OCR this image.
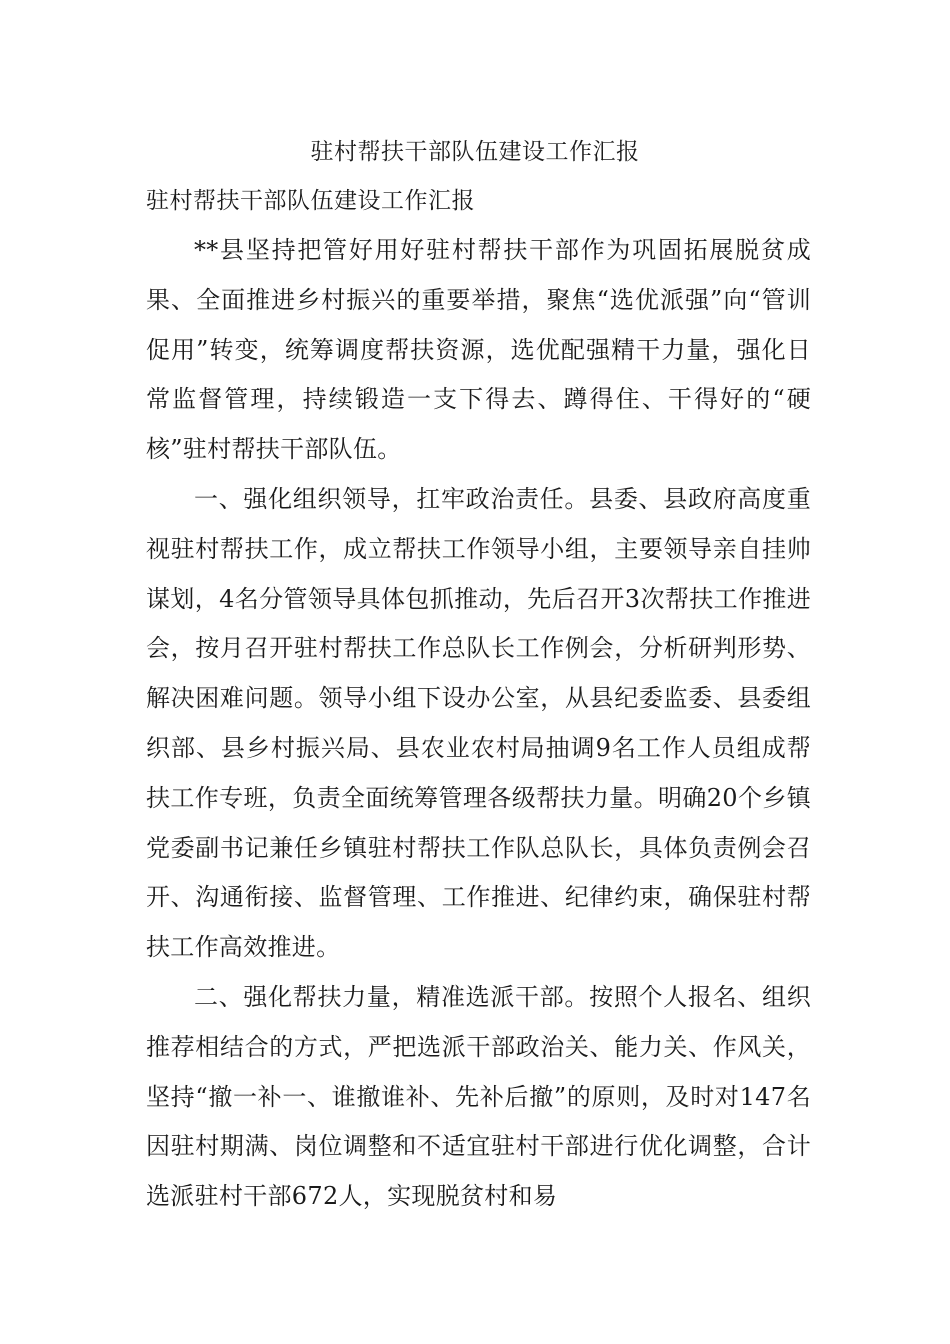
驻村帮扶干部队伍建设工作汇报
驻村帮扶干部队伍建设工作汇报

**县坚持把管好用好驻村帮扶干部作为巩固拓展脱贫成果、全面推进乡村振兴的重要举措，聚焦“选优派强”向“管训促用”转变，统筹调度帮扶资源，选优配强精干力量，强化日常监督管理，持续锻造一支下得去、蹲得住、干得好的“硬核”驻村帮扶干部队伍。

一、强化组织领导，扛牢政治责任。县委、县政府高度重视驻村帮扶工作，成立帮扶工作领导小组，主要领导亲自挂帅谋划，4名分管领导具体包抓推动，先后召开3次帮扶工作推进会，按月召开驻村帮扶工作总队长工作例会，分析研判形势、解决困难问题。领导小组下设办公室，从县纪委监委、县委组织部、县乡村振兴局、县农业农村局抽调9名工作人员组成帮扶工作专班，负责全面统筹管理各级帮扶力量。明确20个乡镇党委副书记兼任乡镇驻村帮扶工作队总队长，具体负责例会召开、沟通衔接、监督管理、工作推进、纪律约束，确保驻村帮扶工作高效推进。

二、强化帮扶力量，精准选派干部。按照个人报名、组织推荐相结合的方式，严把选派干部政治关、能力关、作风关，坚持“撤一补一、谁撤谁补、先补后撤”的原则，及时对147名因驻村期满、岗位调整和不适宜驻村干部进行优化调整，合计选派驻村干部672人，实现脱贫村和易
